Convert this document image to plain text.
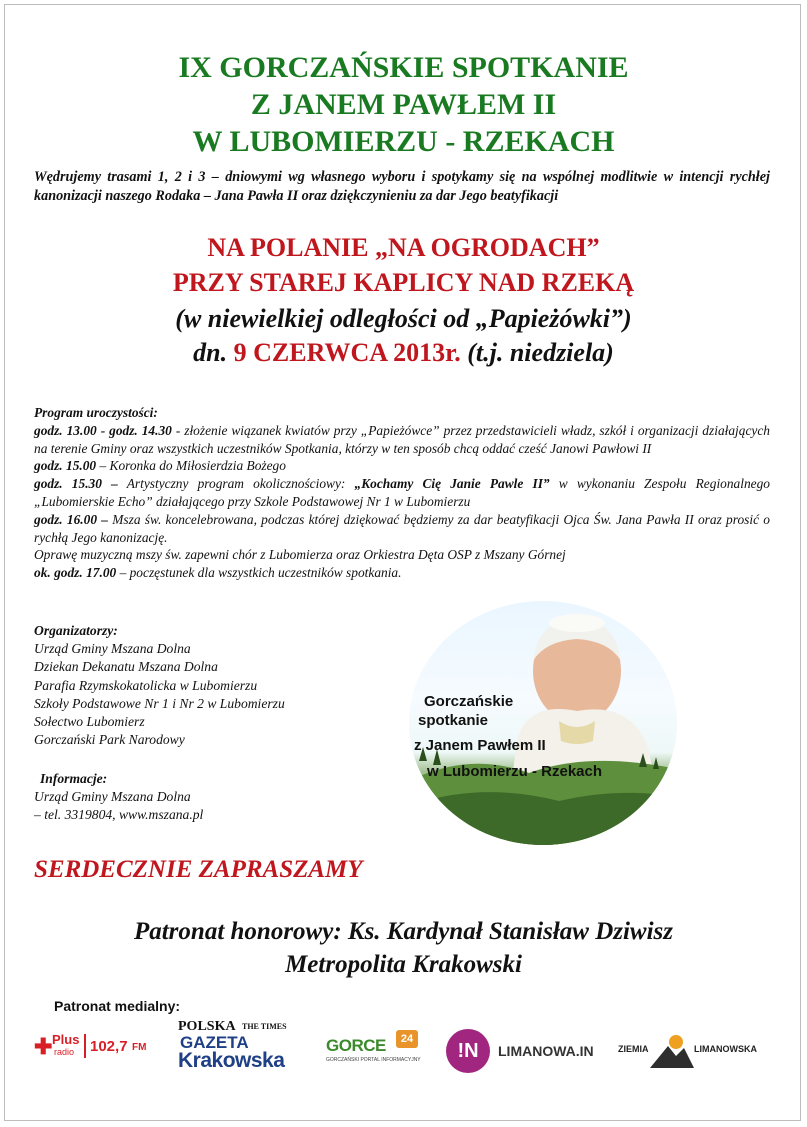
IX GORCZAŃSKIE SPOTKANIE
Z JANEM PAWŁEM II
W LUBOMIERZU - RZEKACH
Wędrujemy trasami 1, 2 i 3 – dniowymi wg własnego wyboru i spotykamy się na wspólnej modlitwie w intencji rychłej kanonizacji naszego Rodaka – Jana Pawła II oraz dziękczynieniu za dar Jego beatyfikacji
NA POLANIE „NA OGRODACH”
PRZY STAREJ KAPLICY NAD RZEKĄ
(w niewielkiej odległości od „Papieżówki”)
dn. 9 CZERWCA 2013r. (t.j. niedziela)

Program uroczystości:

godz. 13.00 - godz. 14.30 - złożenie wiązanek kwiatów przy „Papieżówce” przez przedstawicieli władz, szkół i organizacji działających na terenie Gminy oraz wszystkich uczestników Spotkania, którzy w ten sposób chcą oddać cześć Janowi Pawłowi II

godz. 15.00 – Koronka do Miłosierdzia Bożego

godz. 15.30 – Artystyczny program okolicznościowy: „Kochamy Cię Janie Pawle II” w wykonaniu Zespołu Regionalnego „Lubomierskie Echo” działającego przy Szkole Podstawowej Nr 1 w Lubomierzu

godz. 16.00 – Msza św. koncelebrowana, podczas której dziękować będziemy za dar beatyfikacji Ojca Św. Jana Pawła II oraz prosić o rychłą Jego kanonizację.

Oprawę muzyczną mszy św. zapewni chór z Lubomierza oraz Orkiestra Dęta OSP z Mszany Górnej

ok. godz. 17.00 – poczęstunek dla wszystkich uczestników spotkania.

Organizatorzy:
Urząd Gminy Mszana Dolna
Dziekan Dekanatu Mszana Dolna
Parafia Rzymskokatolicka w Lubomierzu
Szkoły Podstawowe Nr 1 i Nr 2 w Lubomierzu
Sołectwo Lubomierz
Gorczański Park Narodowy
Informacje:
Urząd Gminy Mszana Dolna
– tel. 3319804, www.mszana.pl
Gorczańskie
spotkanie
z Janem Pawłem II
w Lubomierzu - Rzekach
SERDECZNIE ZAPRASZAMY
Patronat honorowy: Ks. Kardynał Stanisław Dziwisz
Metropolita Krakowski
Patronat medialny:
✚ Plus
radio 102,7 FM
POLSKA THE TIMES
GAZETA
Krakowska
GORCE	24
GORCZAŃSKI PORTAL INFORMACYJNY	!N	LIMANOWA.IN	ZIEMIA	LIMANOWSKA
